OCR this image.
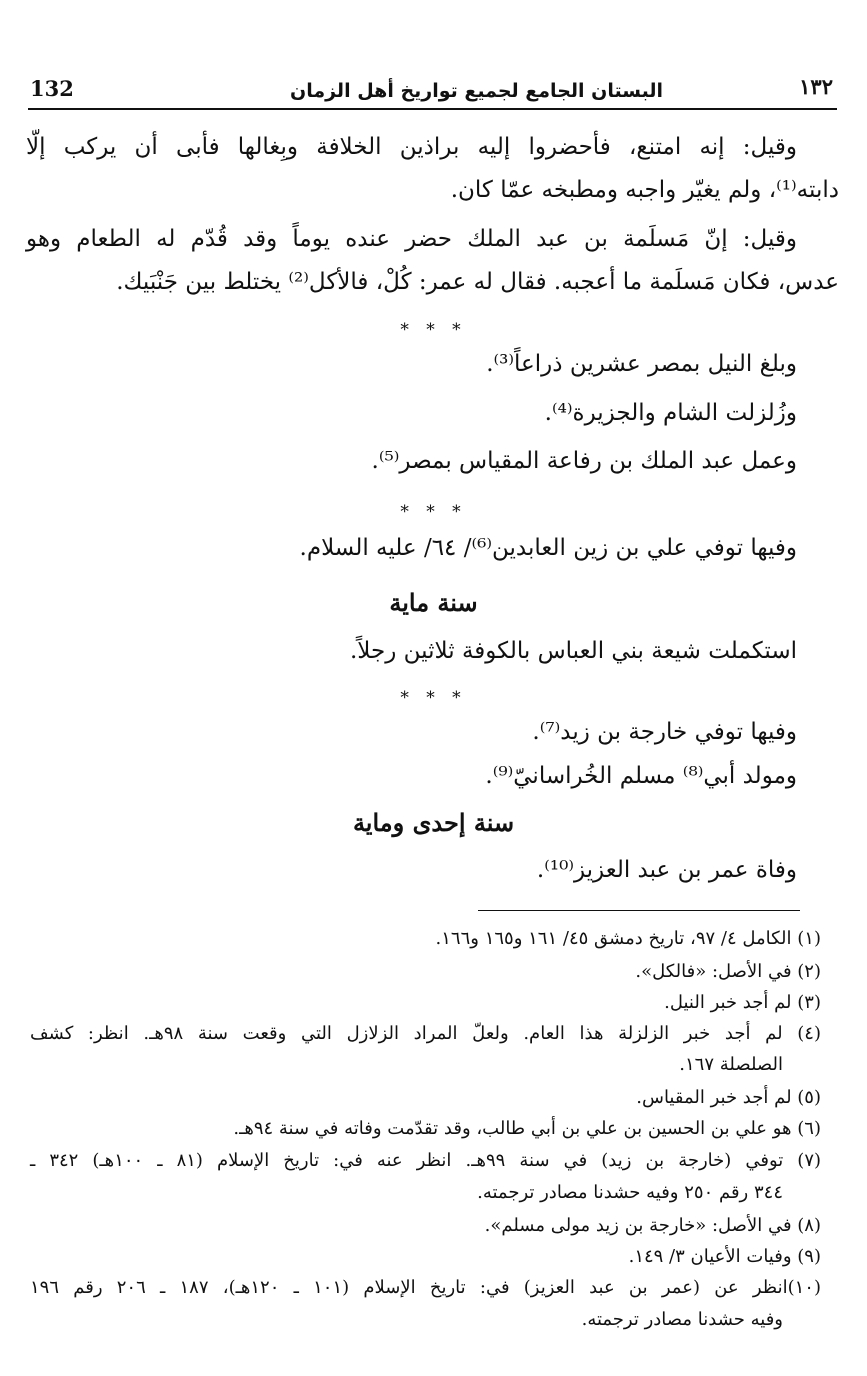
132	البستان الجامع لجميع تواريخ أهل الزمان	١٣٢
وقيل: إنه امتنع، فأحضروا إليه براذين الخلافة وبِغالها فأبى أن يركب إلّا
دابته⁽¹⁾، ولم يغيّر واجبه ومطبخه عمّا كان.
وقيل: إنّ مَسلَمة بن عبد الملك حضر عنده يوماً وقد قُدّم له الطعام وهو
عدس، فكان مَسلَمة ما أعجبه. فقال له عمر: كُلْ، فالأكل⁽²⁾ يختلط بين جَنْبَيك.
* * *
وبلغ النيل بمصر عشرين ذراعاً⁽³⁾.
وزُلزلت الشام والجزيرة⁽⁴⁾.
وعمل عبد الملك بن رفاعة المقياس بمصر⁽⁵⁾.
* * *
وفيها توفي علي بن زين العابدين⁽⁶⁾/ ٦٤/ عليه السلام.
سنة ماية
استكملت شيعة بني العباس بالكوفة ثلاثين رجلاً.
* * *
وفيها توفي خارجة بن زيد⁽⁷⁾.
ومولد أبي⁽⁸⁾ مسلم الخُراسانيّ⁽⁹⁾.
سنة إحدى وماية
وفاة عمر بن عبد العزيز⁽¹⁰⁾.
(١) الكامل ٤/ ٩٧، تاريخ دمشق ٤٥/ ١٦١ و١٦٥ و١٦٦.
(٢) في الأصل: «فالكل».
(٣) لم أجد خبر النيل.
(٤) لم أجد خبر الزلزلة هذا العام. ولعلّ المراد الزلازل التي وقعت سنة ٩٨هـ. انظر: كشف
الصلصلة ١٦٧.
(٥) لم أجد خبر المقياس.
(٦) هو علي بن الحسين بن علي بن أبي طالب، وقد تقدّمت وفاته في سنة ٩٤هـ.
(٧) توفي (خارجة بن زيد) في سنة ٩٩هـ. انظر عنه في: تاريخ الإسلام (٨١ ـ ١٠٠هـ) ٣٤٢ ـ
٣٤٤ رقم ٢٥٠ وفيه حشدنا مصادر ترجمته.
(٨) في الأصل: «خارجة بن زيد مولى مسلم».
(٩) وفيات الأعيان ٣/ ١٤٩.
(١٠)انظر عن (عمر بن عبد العزيز) في: تاريخ الإسلام (١٠١ ـ ١٢٠هـ)، ١٨٧ ـ ٢٠٦ رقم ١٩٦
وفيه حشدنا مصادر ترجمته.
